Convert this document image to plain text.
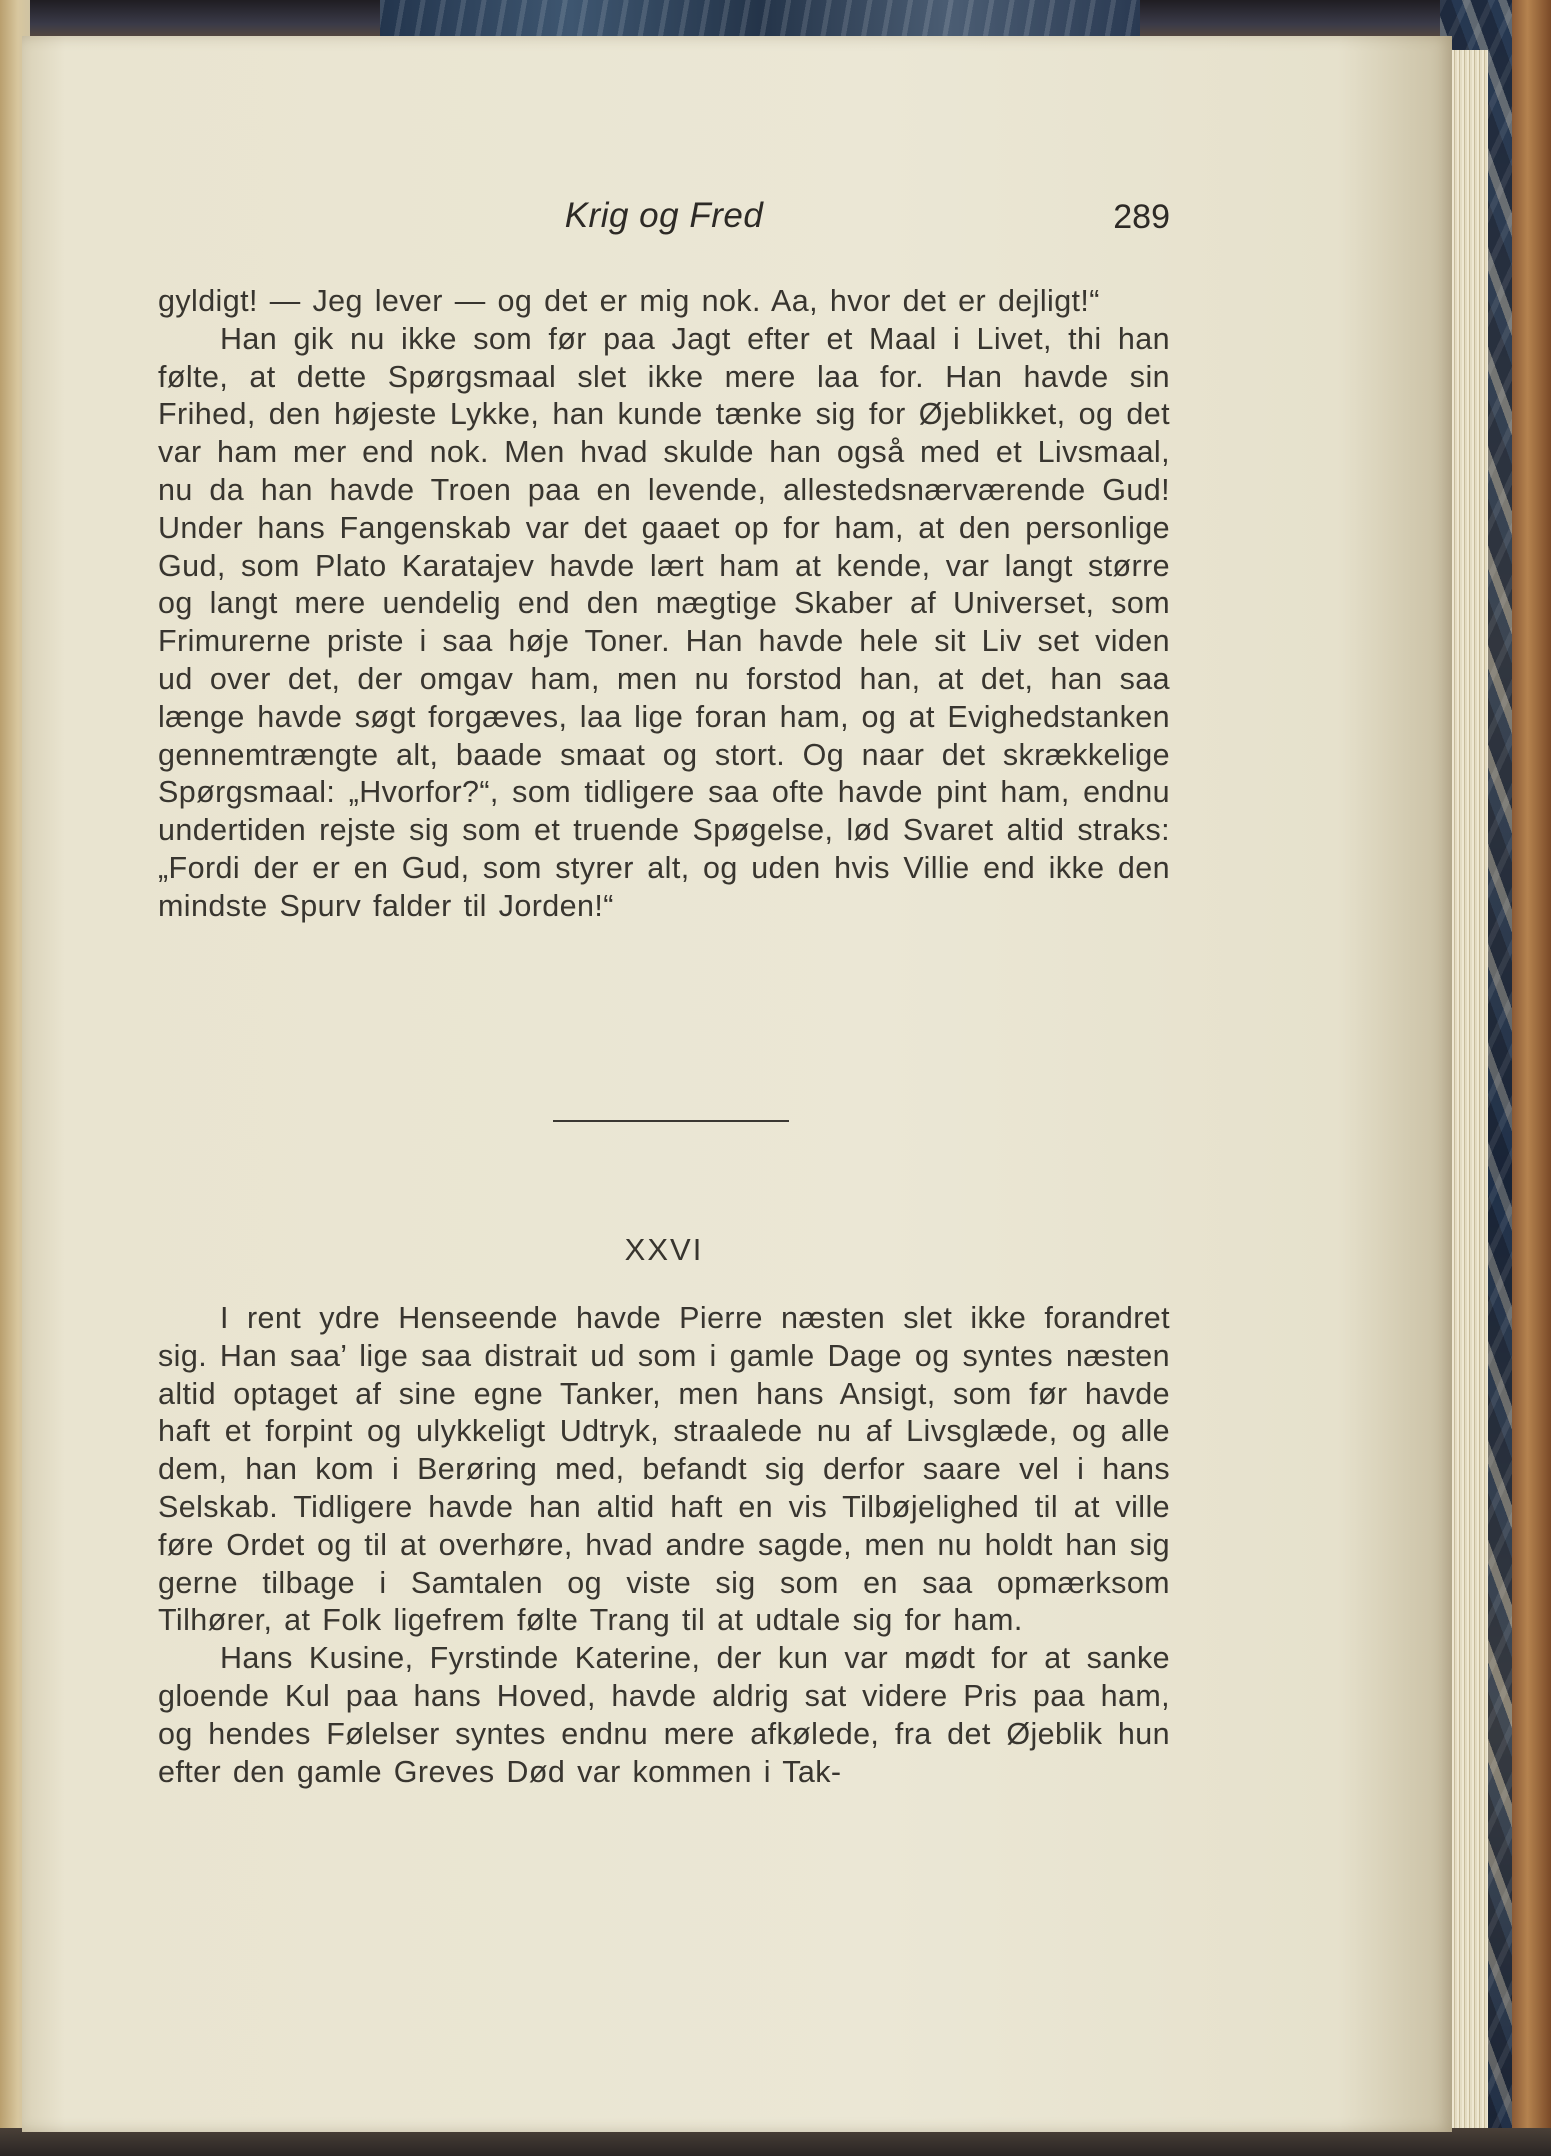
Krig og Fred	289

gyldigt! — Jeg lever — og det er mig nok. Aa, hvor det er dejligt!“

Han gik nu ikke som før paa Jagt efter et Maal i Livet, thi han følte, at dette Spørgsmaal slet ikke mere laa for. Han havde sin Frihed, den højeste Lykke, han kunde tænke sig for Øjeblikket, og det var ham mer end nok. Men hvad skulde han også med et Livsmaal, nu da han havde Troen paa en levende, allestedsnærværende Gud! Under hans Fangenskab var det gaaet op for ham, at den personlige Gud, som Plato Karatajev havde lært ham at kende, var langt større og langt mere uendelig end den mægtige Skaber af Universet, som Frimurerne priste i saa høje Toner. Han havde hele sit Liv set viden ud over det, der omgav ham, men nu forstod han, at det, han saa længe havde søgt forgæves, laa lige foran ham, og at Evighedstanken gennemtrængte alt, baade smaat og stort. Og naar det skrækkelige Spørgsmaal: „Hvorfor?“, som tidligere saa ofte havde pint ham, endnu undertiden rejste sig som et truende Spøgelse, lød Svaret altid straks: „Fordi der er en Gud, som styrer alt, og uden hvis Villie end ikke den mindste Spurv falder til Jorden!“

XXVI

I rent ydre Henseende havde Pierre næsten slet ikke forandret sig. Han saa’ lige saa distrait ud som i gamle Dage og syntes næsten altid optaget af sine egne Tanker, men hans Ansigt, som før havde haft et forpint og ulykkeligt Udtryk, straalede nu af Livsglæde, og alle dem, han kom i Berøring med, befandt sig derfor saare vel i hans Selskab. Tidligere havde han altid haft en vis Tilbøjelighed til at ville føre Ordet og til at overhøre, hvad andre sagde, men nu holdt han sig gerne tilbage i Samtalen og viste sig som en saa opmærksom Tilhører, at Folk ligefrem følte Trang til at udtale sig for ham.

Hans Kusine, Fyrstinde Katerine, der kun var mødt for at sanke gloende Kul paa hans Hoved, havde aldrig sat videre Pris paa ham, og hendes Følelser syntes endnu mere afkølede, fra det Øjeblik hun efter den gamle Greves Død var kommen i Tak-
